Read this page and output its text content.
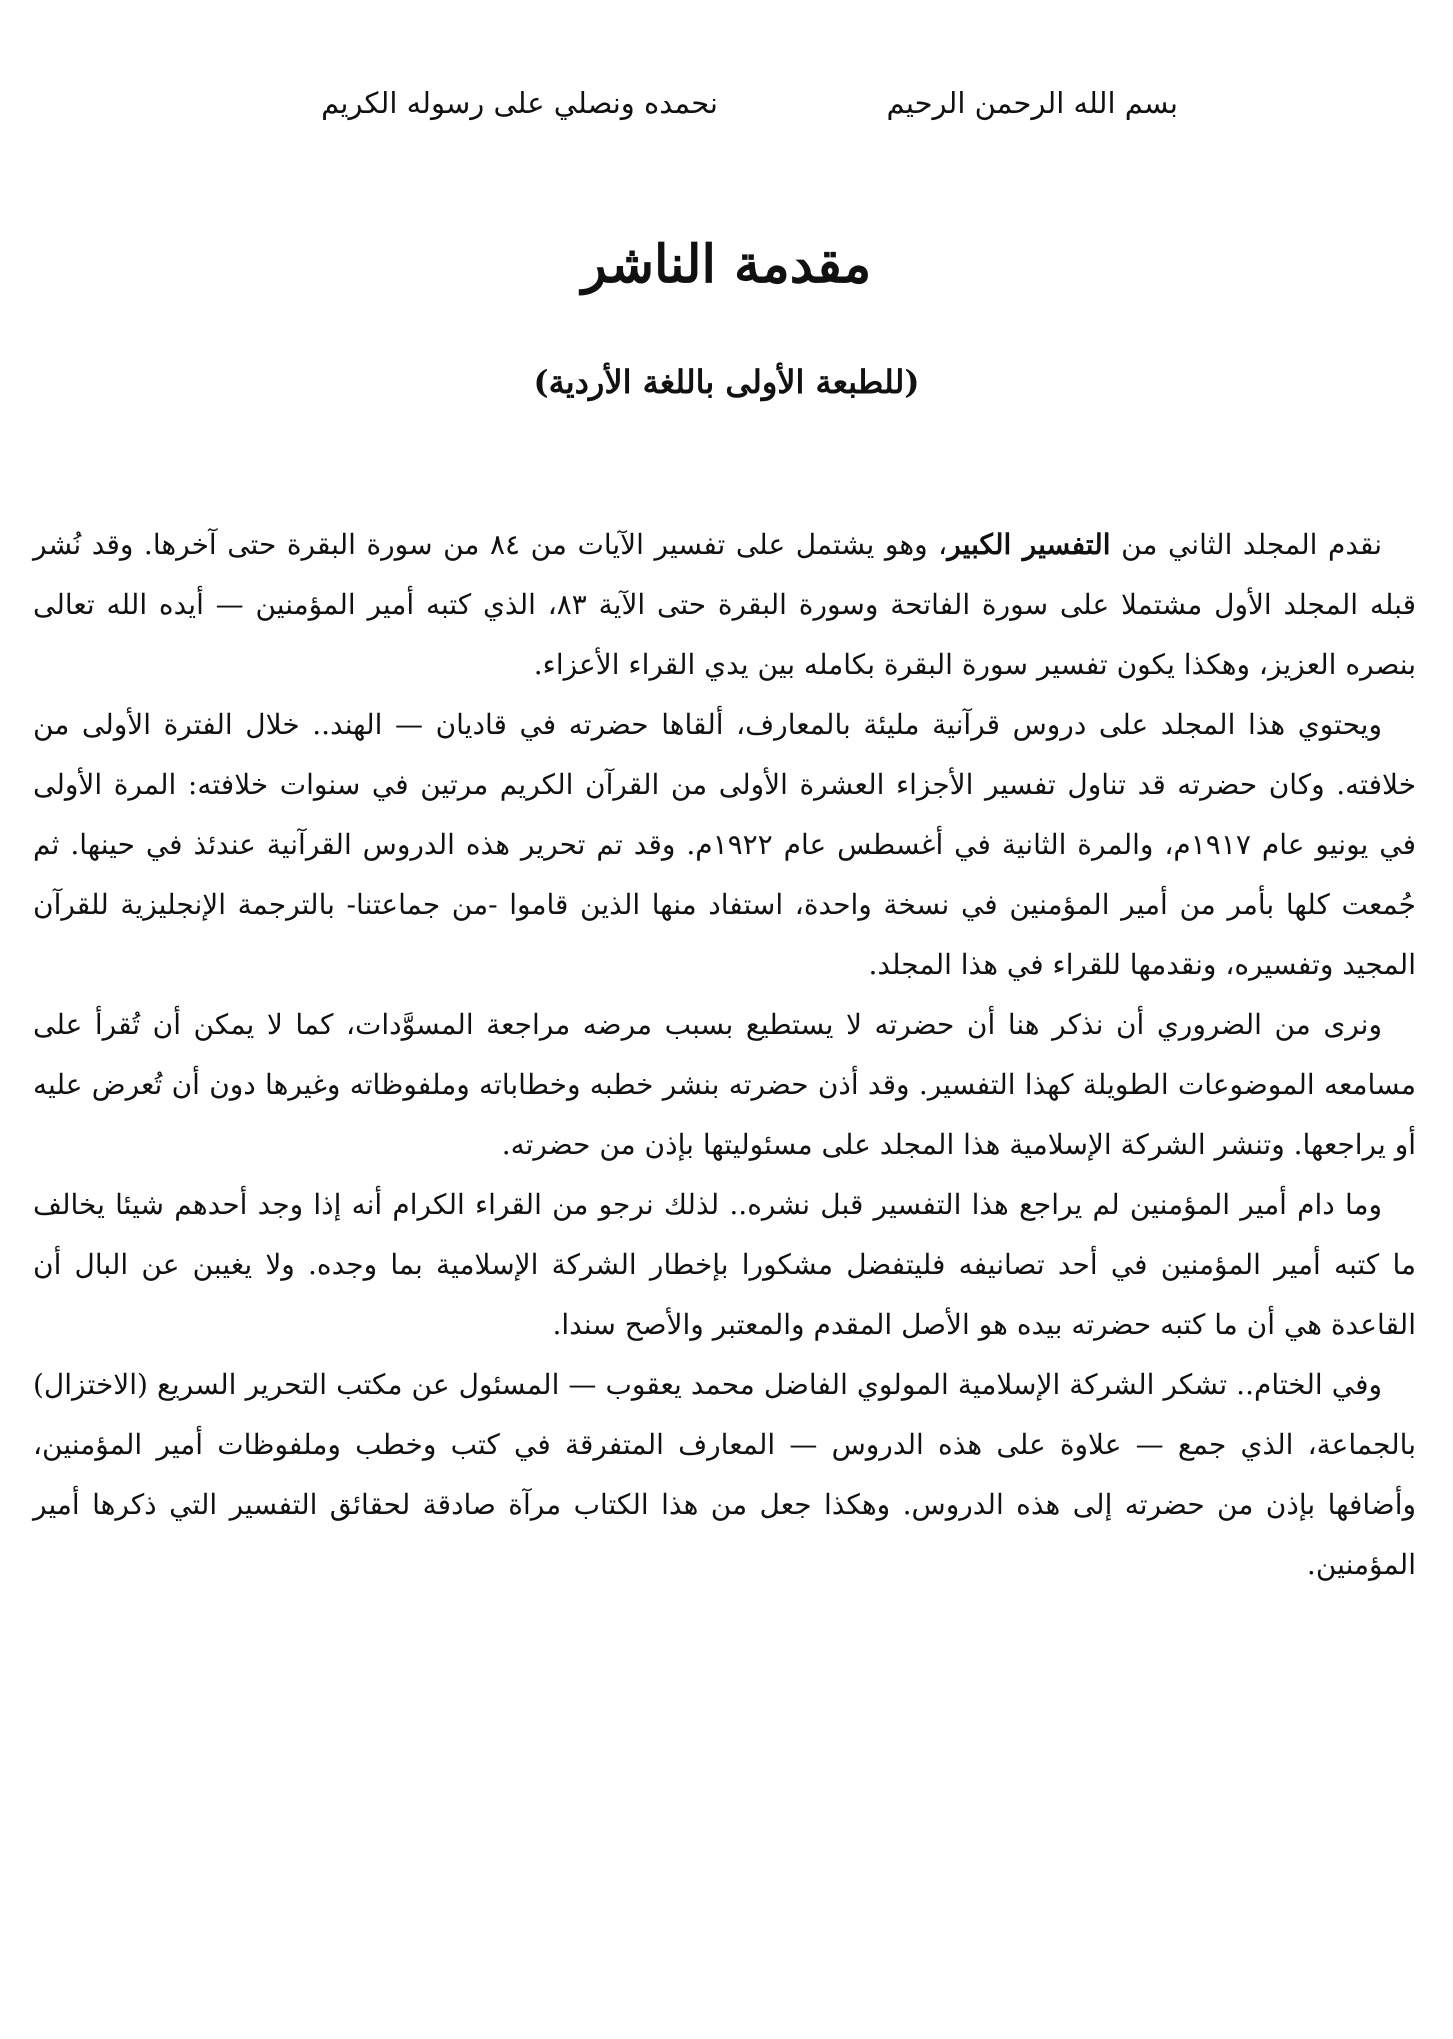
بسم الله الرحمن الرحيم
نحمده ونصلي على رسوله الكريم
مقدمة الناشر
(للطبعة الأولى باللغة الأردية)

نقدم المجلد الثاني من التفسير الكبير، وهو يشتمل على تفسير الآيات من ٨٤ من سورة البقرة حتى آخرها. وقد نُشر قبله المجلد الأول مشتملا على سورة الفاتحة وسورة البقرة حتى الآية ٨٣، الذي كتبه أمير المؤمنين — أيده الله تعالى بنصره العزيز، وهكذا يكون تفسير سورة البقرة بكامله بين يدي القراء الأعزاء.

ويحتوي هذا المجلد على دروس قرآنية مليئة بالمعارف، ألقاها حضرته في قاديان — الهند.. خلال الفترة الأولى من خلافته. وكان حضرته قد تناول تفسير الأجزاء العشرة الأولى من القرآن الكريم مرتين في سنوات خلافته: المرة الأولى في يونيو عام ١٩١٧م، والمرة الثانية في أغسطس عام ١٩٢٢م. وقد تم تحرير هذه الدروس القرآنية عندئذ في حينها. ثم جُمعت كلها بأمر من أمير المؤمنين في نسخة واحدة، استفاد منها الذين قاموا -من جماعتنا- بالترجمة الإنجليزية للقرآن المجيد وتفسيره، ونقدمها للقراء في هذا المجلد.

ونرى من الضروري أن نذكر هنا أن حضرته لا يستطيع بسبب مرضه مراجعة المسوَّدات، كما لا يمكن أن تُقرأ على مسامعه الموضوعات الطويلة كهذا التفسير. وقد أذن حضرته بنشر خطبه وخطاباته وملفوظاته وغيرها دون أن تُعرض عليه أو يراجعها. وتنشر الشركة الإسلامية هذا المجلد على مسئوليتها بإذن من حضرته.

وما دام أمير المؤمنين لم يراجع هذا التفسير قبل نشره.. لذلك نرجو من القراء الكرام أنه إذا وجد أحدهم شيئا يخالف ما كتبه أمير المؤمنين في أحد تصانيفه فليتفضل مشكورا بإخطار الشركة الإسلامية بما وجده. ولا يغيبن عن البال أن القاعدة هي أن ما كتبه حضرته بيده هو الأصل المقدم والمعتبر والأصح سندا.

وفي الختام.. تشكر الشركة الإسلامية المولوي الفاضل محمد يعقوب — المسئول عن مكتب التحرير السريع (الاختزال) بالجماعة، الذي جمع — علاوة على هذه الدروس — المعارف المتفرقة في كتب وخطب وملفوظات أمير المؤمنين، وأضافها بإذن من حضرته إلى هذه الدروس. وهكذا جعل من هذا الكتاب مرآة صادقة لحقائق التفسير التي ذكرها أمير المؤمنين.
